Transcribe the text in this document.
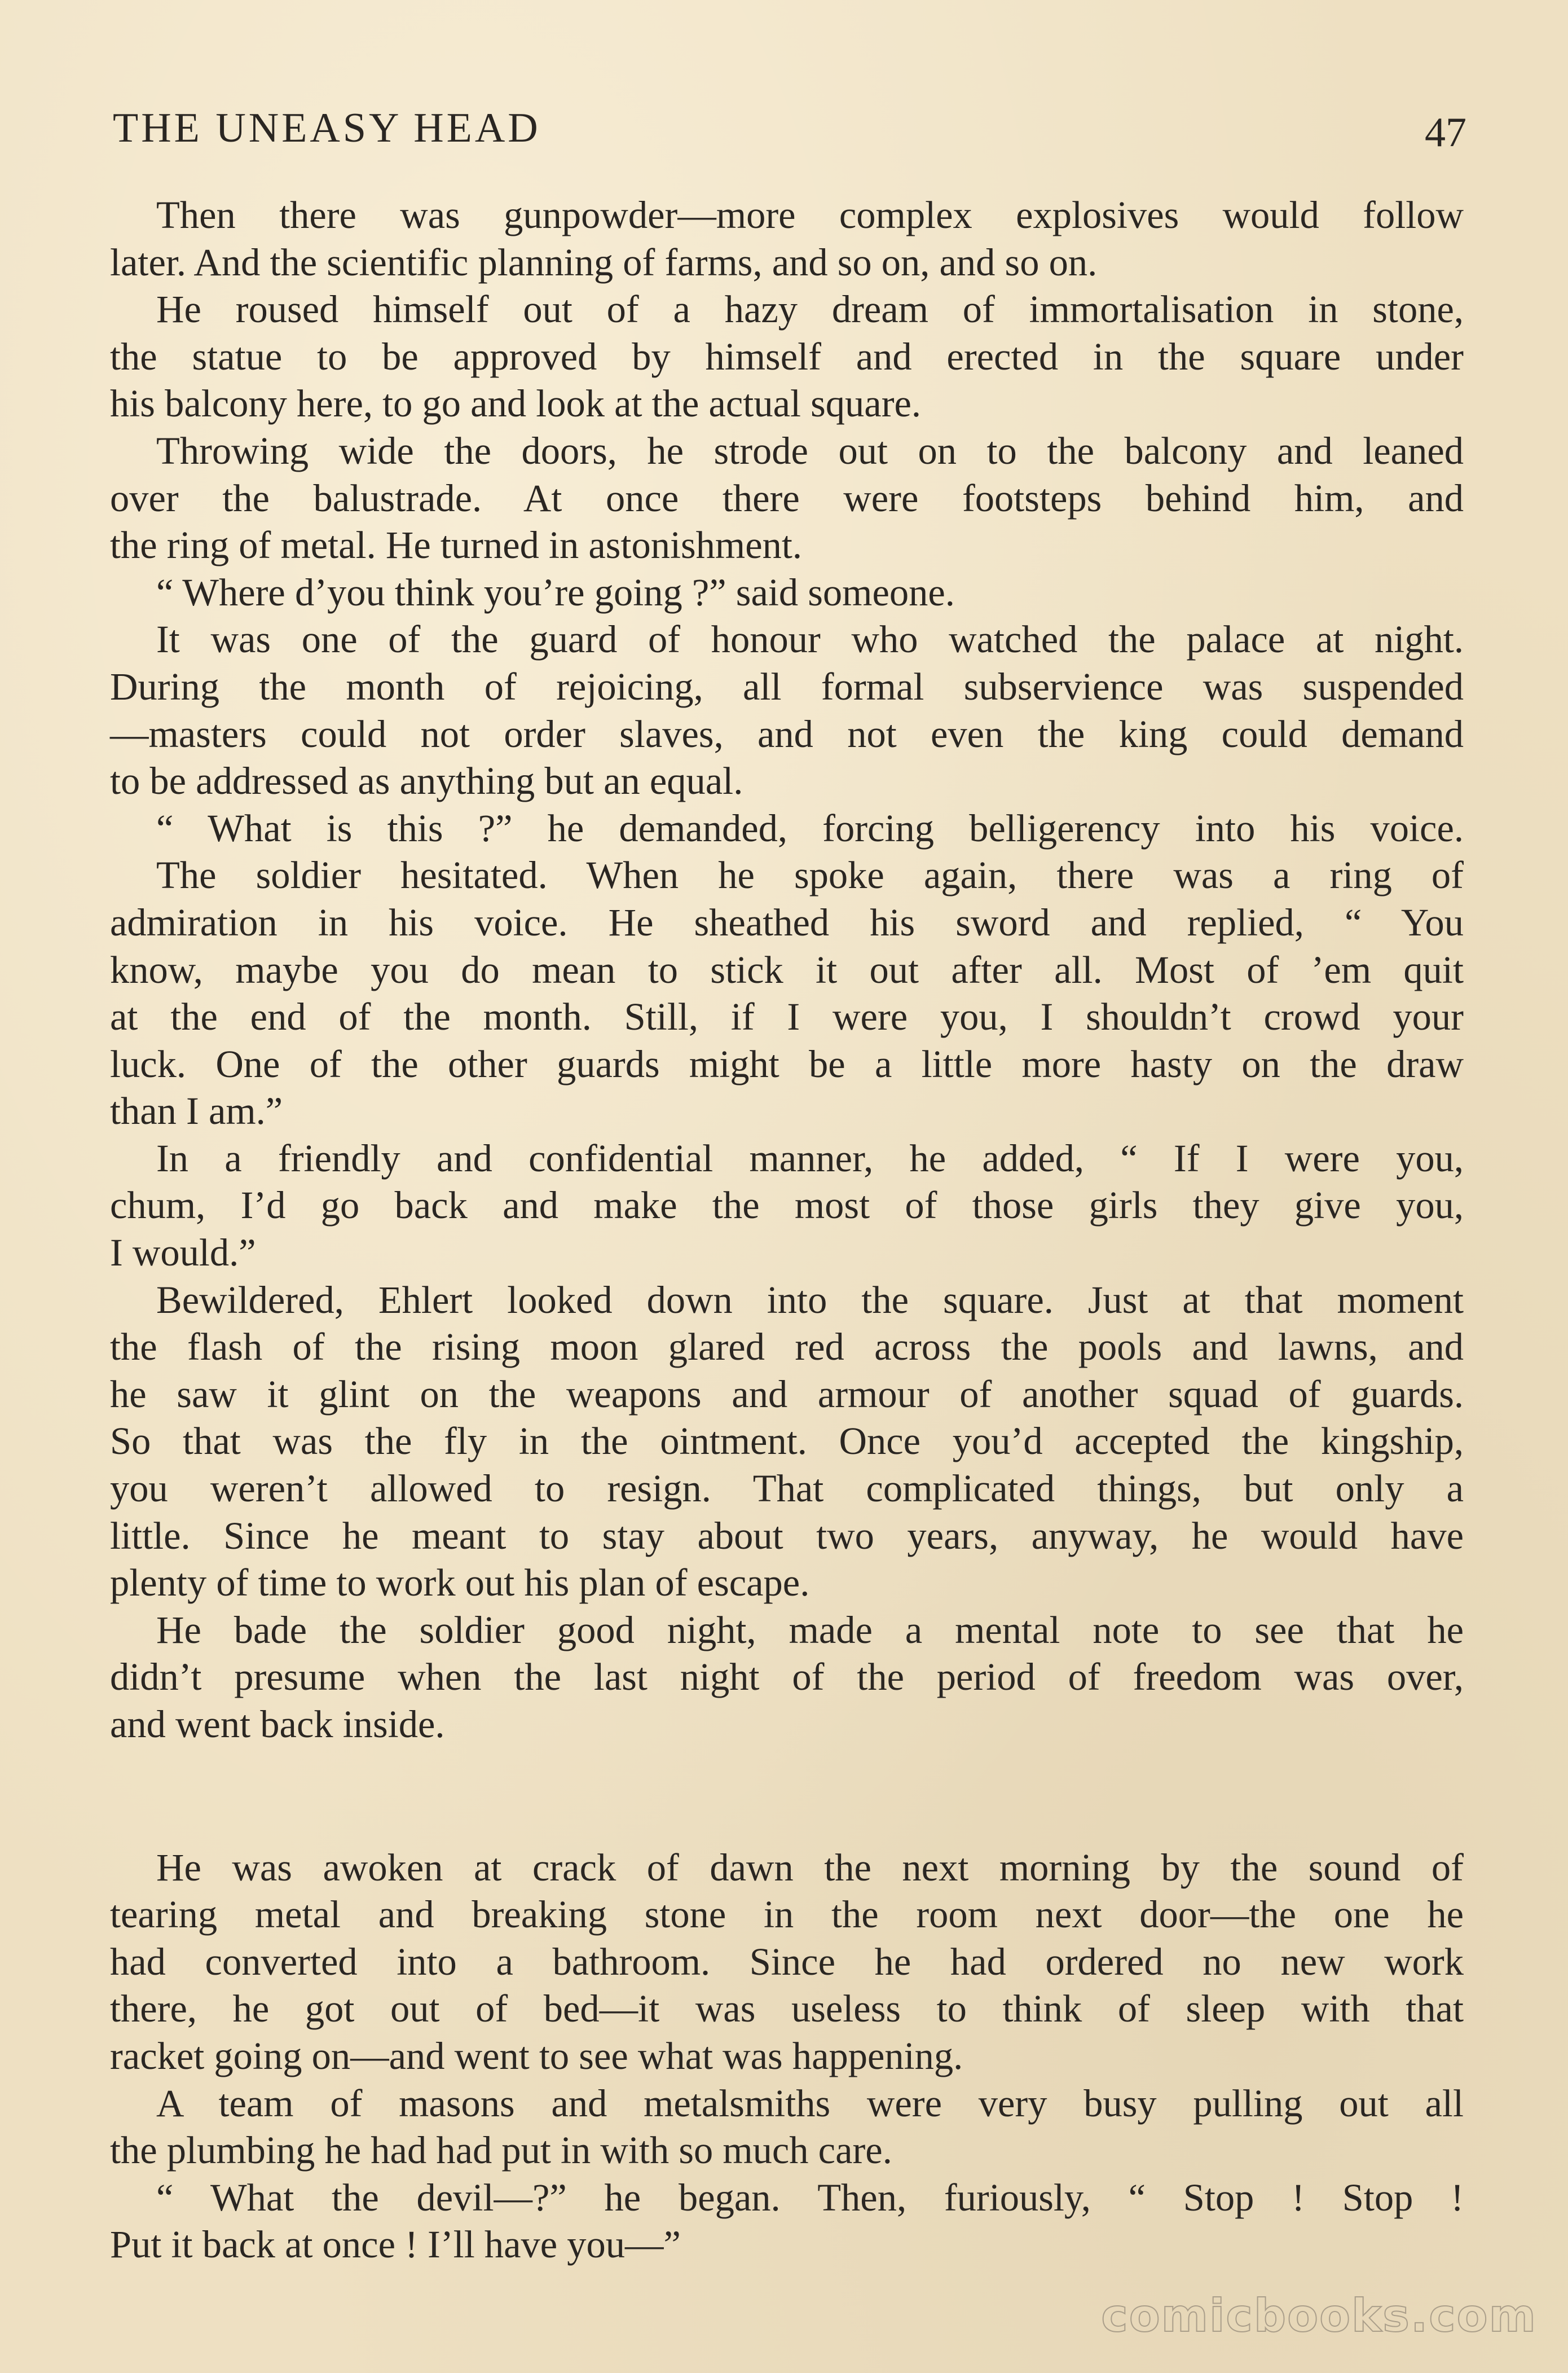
THE UNEASY HEAD	47

Then there was gunpowder—more complex explosives would follow
later. And the scientific planning of farms, and so on, and so on.

He roused himself out of a hazy dream of immortalisation in stone,
the statue to be approved by himself and erected in the square under
his balcony here, to go and look at the actual square.

Throwing wide the doors, he strode out on to the balcony and leaned
over the balustrade. At once there were footsteps behind him, and
the ring of metal. He turned in astonishment.

“ Where d’you think you’re going ?” said someone.

It was one of the guard of honour who watched the palace at night.
During the month of rejoicing, all formal subservience was suspended
—masters could not order slaves, and not even the king could demand
to be addressed as anything but an equal.

“ What is this ?” he demanded, forcing belligerency into his voice.

The soldier hesitated. When he spoke again, there was a ring of
admiration in his voice. He sheathed his sword and replied, “ You
know, maybe you do mean to stick it out after all. Most of ’em quit
at the end of the month. Still, if I were you, I shouldn’t crowd your
luck. One of the other guards might be a little more hasty on the draw
than I am.”

In a friendly and confidential manner, he added, “ If I were you,
chum, I’d go back and make the most of those girls they give you,
I would.”

Bewildered, Ehlert looked down into the square. Just at that moment
the flash of the rising moon glared red across the pools and lawns, and
he saw it glint on the weapons and armour of another squad of guards.
So that was the fly in the ointment. Once you’d accepted the kingship,
you weren’t allowed to resign. That complicated things, but only a
little. Since he meant to stay about two years, anyway, he would have
plenty of time to work out his plan of escape.

He bade the soldier good night, made a mental note to see that he
didn’t presume when the last night of the period of freedom was over,
and went back inside.

He was awoken at crack of dawn the next morning by the sound of
tearing metal and breaking stone in the room next door—the one he
had converted into a bathroom. Since he had ordered no new work
there, he got out of bed—it was useless to think of sleep with that
racket going on—and went to see what was happening.

A team of masons and metalsmiths were very busy pulling out all
the plumbing he had had put in with so much care.

“ What the devil—?” he began. Then, furiously, “ Stop ! Stop !
Put it back at once ! I’ll have you—”

comicbooks.com
